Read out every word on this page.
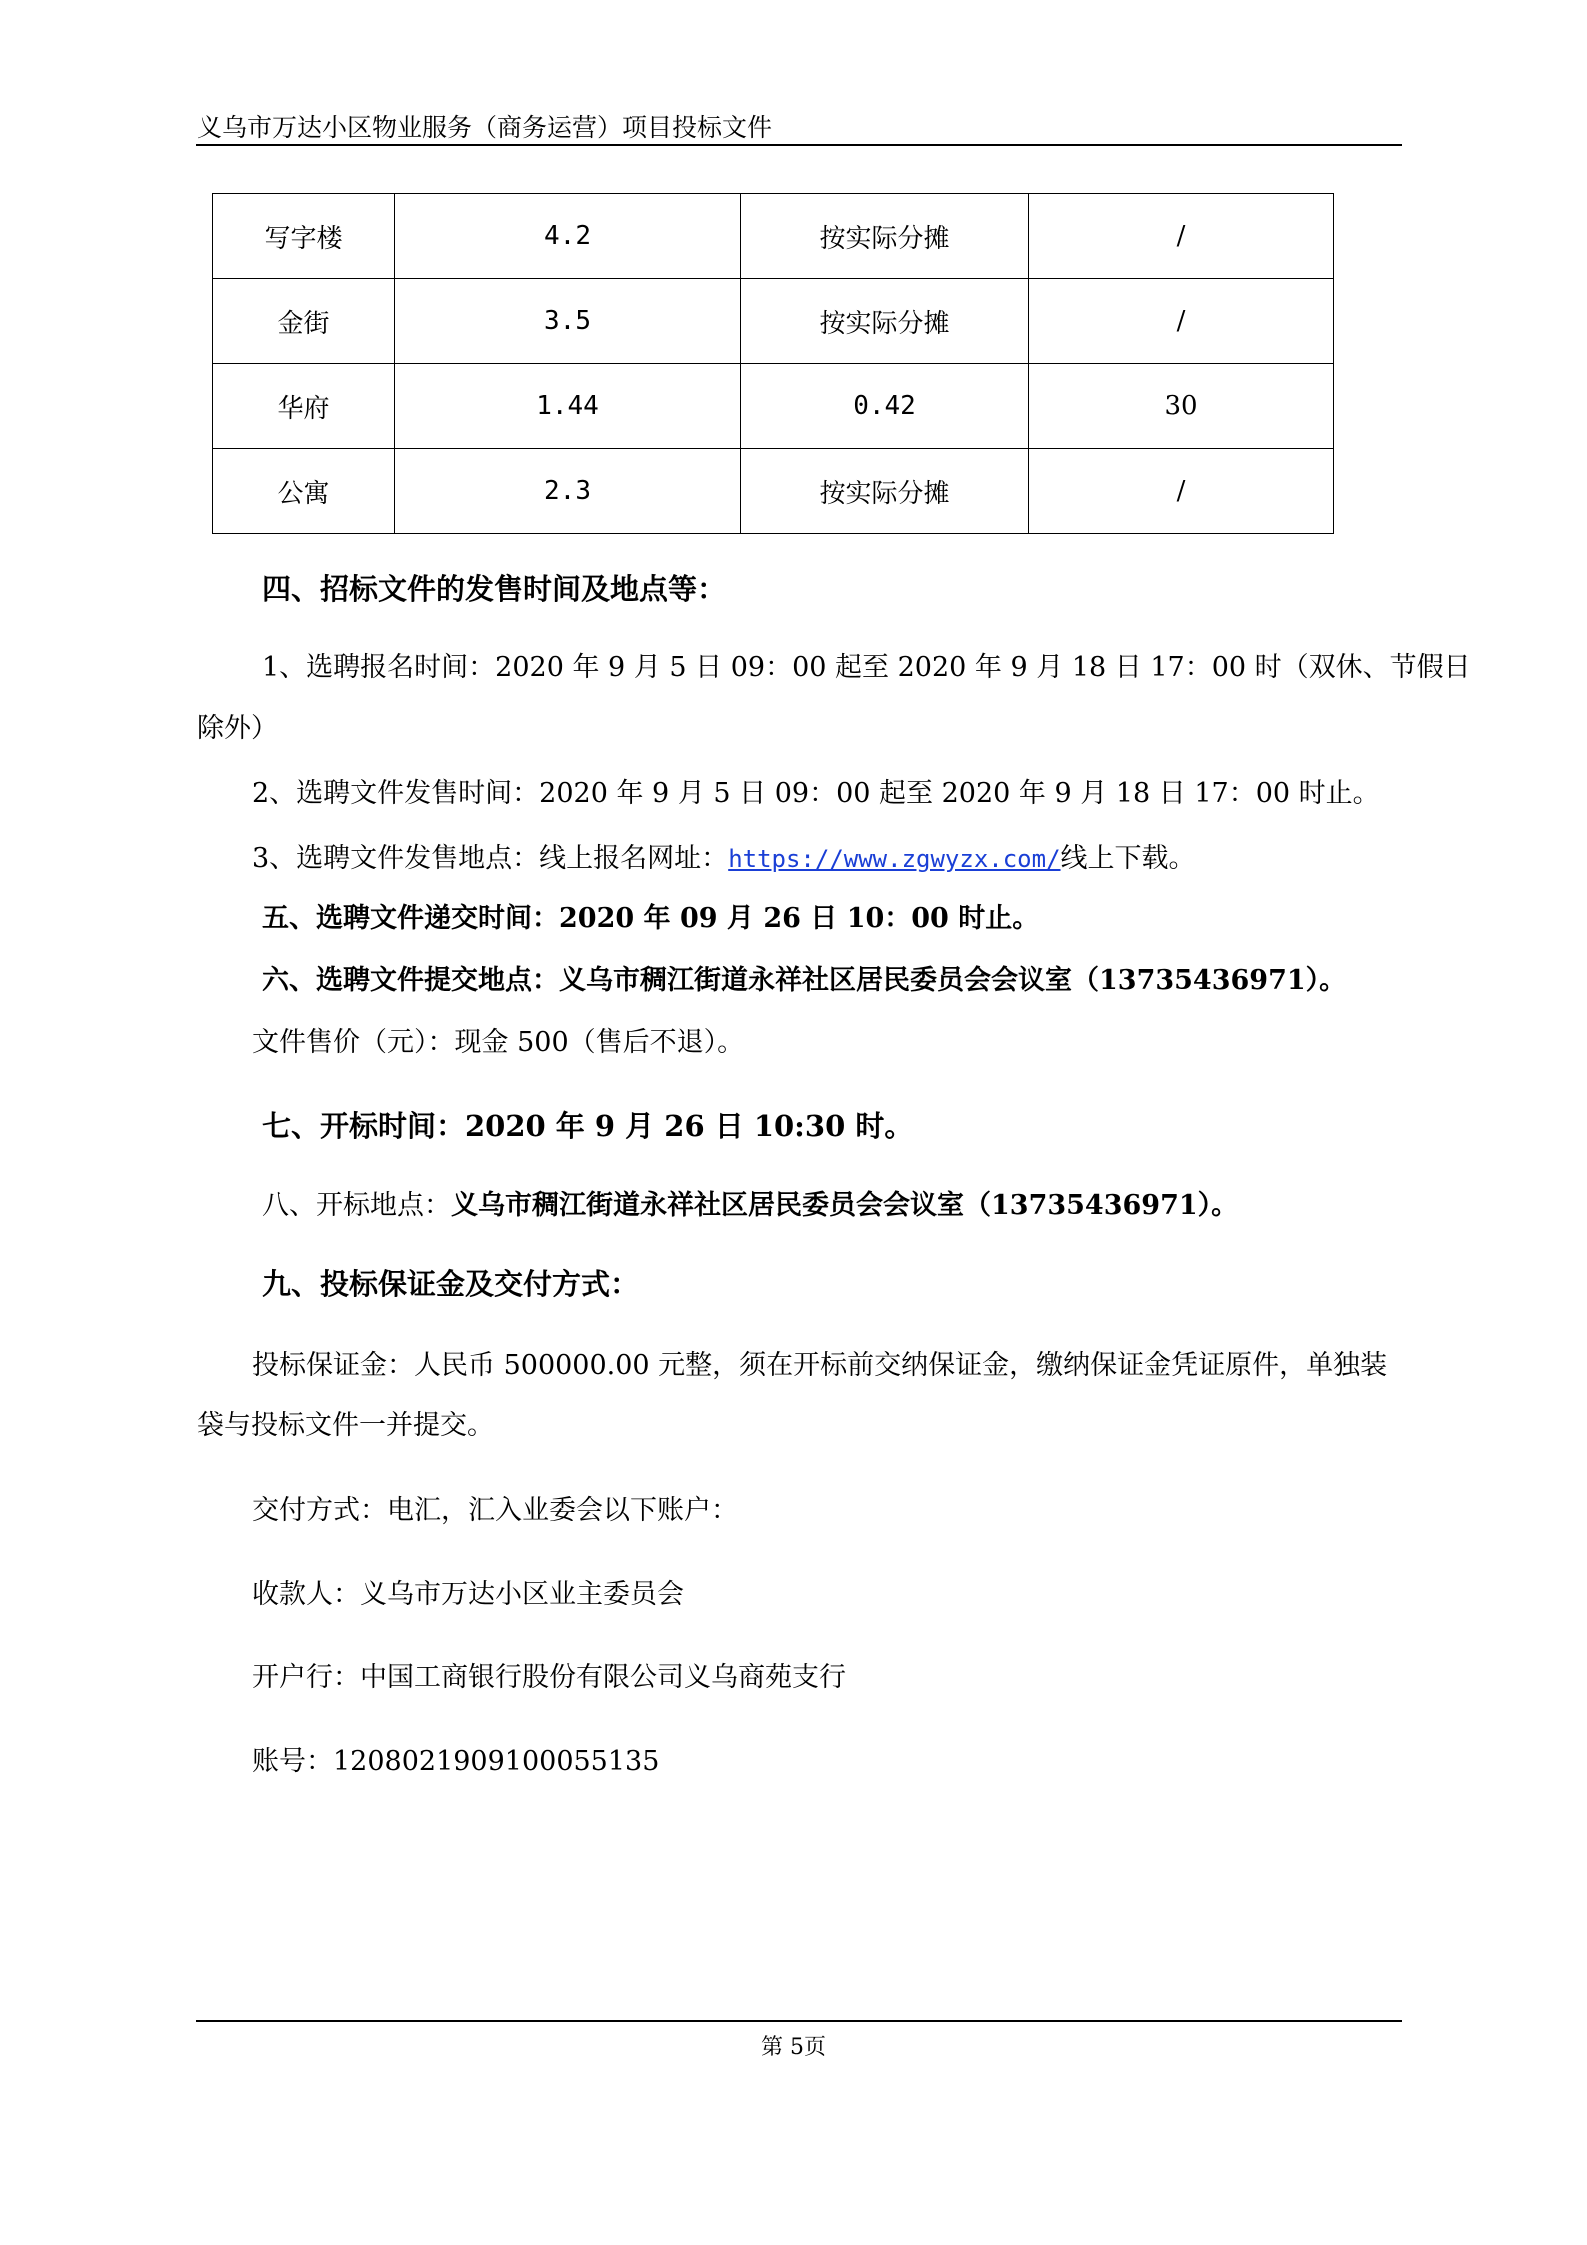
义乌市万达小区物业服务（商务运营）项目投标文件
写字楼	4.2	按实际分摊	/
金街	3.5	按实际分摊	/
华府	1.44	0.42	30
公寓	2.3	按实际分摊	/
四、招标文件的发售时间及地点等：
1、选聘报名时间：2020 年 9 月 5 日 09：00 起至 2020 年 9 月 18 日 17：00 时（双休、节假日
除外）
2、选聘文件发售时间：2020 年 9 月 5 日 09：00 起至 2020 年 9 月 18 日 17：00 时止。
3、选聘文件发售地点：线上报名网址：https://www.zgwyzx.com/线上下载。
五、选聘文件递交时间：2020 年 09 月 26 日 10：00 时止。
六、选聘文件提交地点：义乌市稠江街道永祥社区居民委员会会议室（13735436971）。
文件售价（元）：现金 500（售后不退）。
七、开标时间：2020 年 9 月 26 日 10:30 时。
八、开标地点：义乌市稠江街道永祥社区居民委员会会议室（13735436971）。
九、投标保证金及交付方式：
投标保证金：人民币 500000.00 元整，须在开标前交纳保证金，缴纳保证金凭证原件，单独装
袋与投标文件一并提交。
交付方式：电汇，汇入业委会以下账户：
收款人：义乌市万达小区业主委员会
开户行：中国工商银行股份有限公司义乌商苑支行
账号：1208021909100055135
第 5页
